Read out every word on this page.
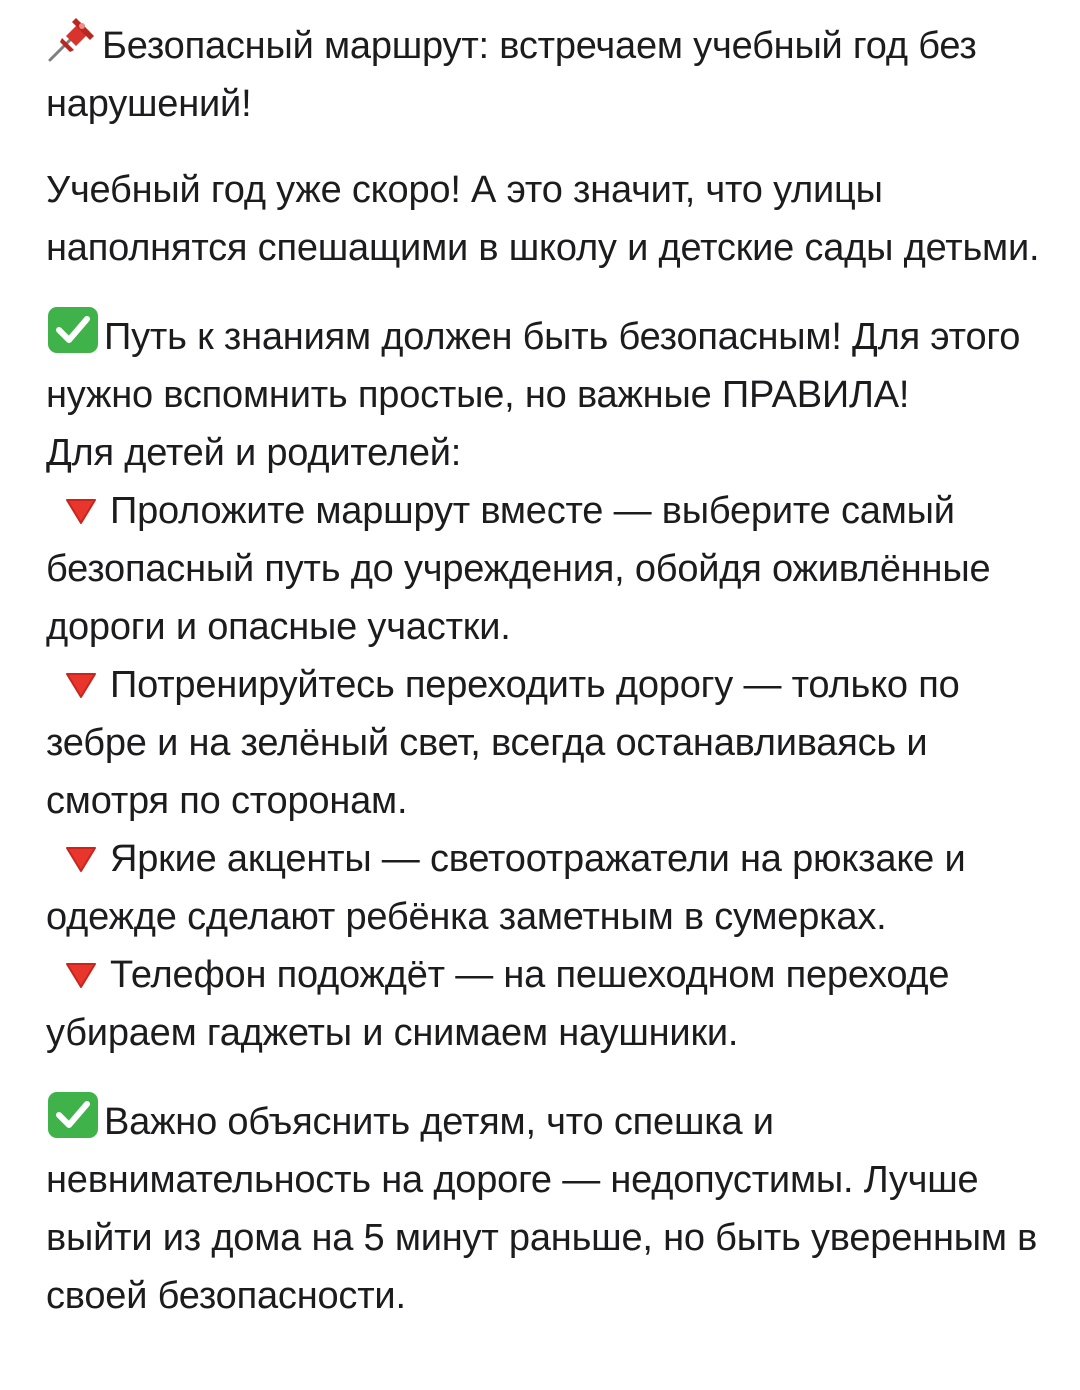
Безопасный маршрут: встречаем учебный год без нарушений!

Учебный год уже скоро! А это значит, что улицы наполнятся спешащими в школу и детские сады детьми.

Путь к знаниям должен быть безопасным! Для этого нужно вспомнить простые, но важные ПРАВИЛА!

Для детей и родителей:

Проложите маршрут вместе — выберите самый безопасный путь до учреждения, обойдя оживлённые дороги и опасные участки.

Потренируйтесь переходить дорогу — только по зебре и на зелёный свет, всегда останавливаясь и смотря по сторонам.

Яркие акценты — светоотражатели на рюкзаке и одежде сделают ребёнка заметным в сумерках.

Телефон подождёт — на пешеходном переходе убираем гаджеты и снимаем наушники.

Важно объяснить детям, что спешка и невнимательность на дороге — недопустимы. Лучше выйти из дома на 5 минут раньше, но быть уверенным в своей безопасности.
